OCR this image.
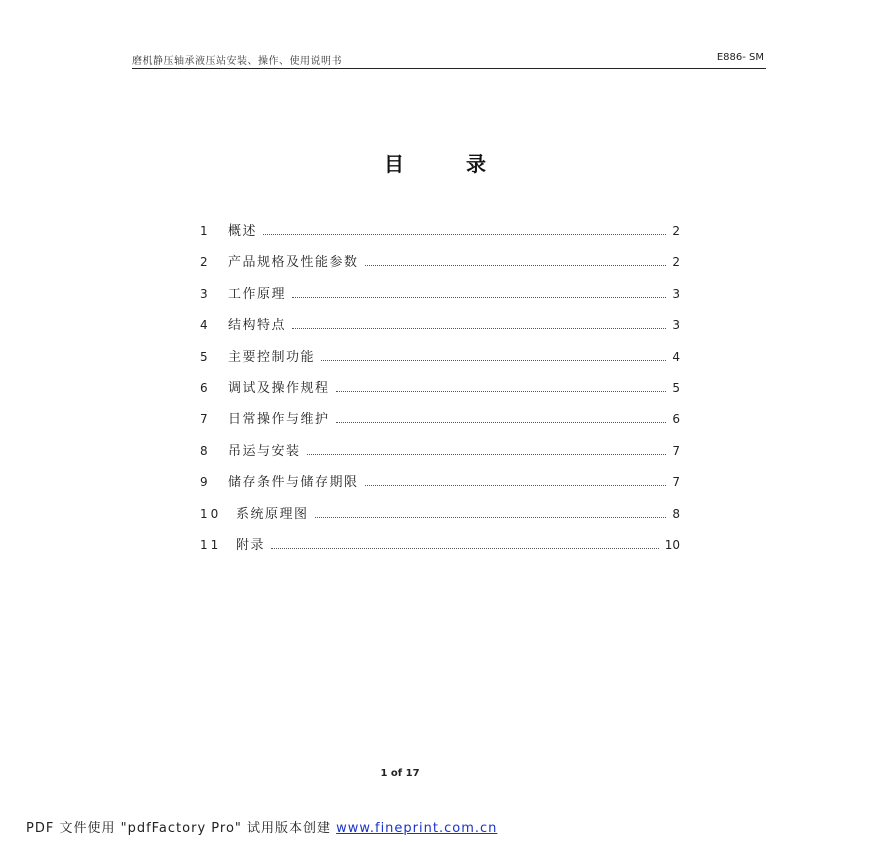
磨机静压轴承液压站安装、操作、使用说明书	E886- SM
目	录
1	概述	2
2	产品规格及性能参数	2
3	工作原理	3
4	结构特点	3
5	主要控制功能	4
6	调试及操作规程	5
7	日常操作与维护	6
8	吊运与安装	7
9	储存条件与储存期限	7
10	系统原理图	8
11	附录	10
1 of 17
PDF 文件使用 "pdfFactory Pro" 试用版本创建 www.fineprint.com.cn
